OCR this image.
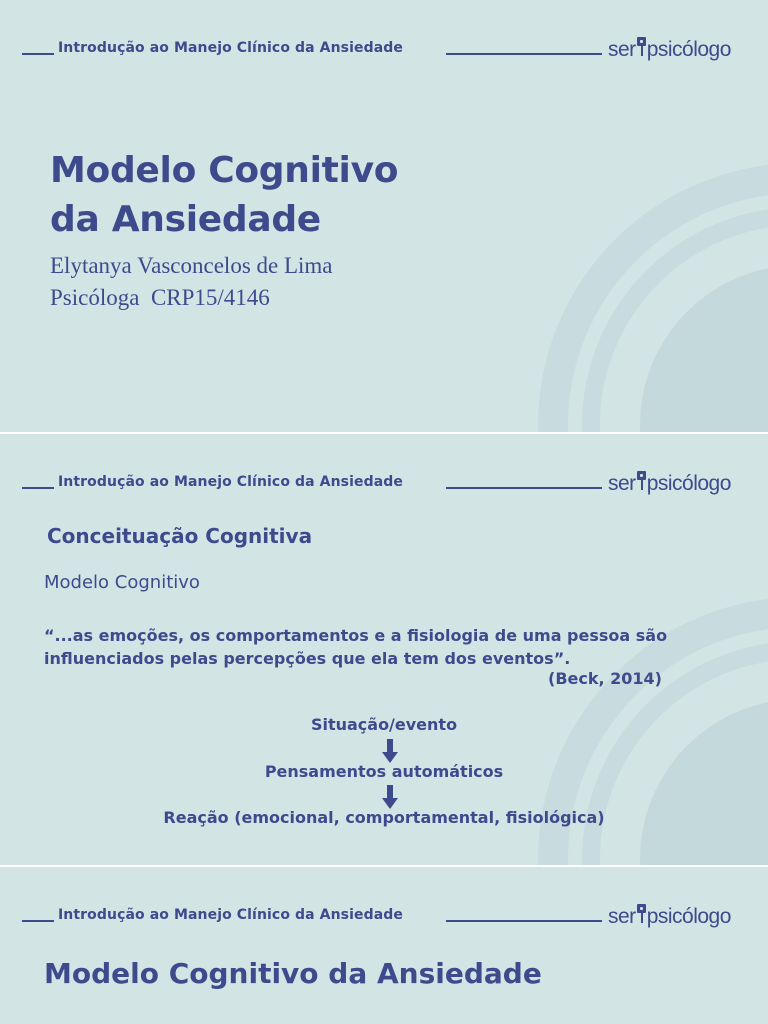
Introdução ao Manejo Clínico da Ansiedade	ser psicólogo
Modelo Cognitivo
da Ansiedade
Elytanya Vasconcelos de Lima
Psicóloga  CRP15/4146
Introdução ao Manejo Clínico da Ansiedade	ser psicólogo
Conceituação Cognitiva
Modelo Cognitivo
“...as emoções, os comportamentos e a fisiologia de uma pessoa são
influenciados pelas percepções que ela tem dos eventos”.
(Beck, 2014)
Situação/evento
Pensamentos automáticos
Reação (emocional, comportamental, fisiológica)
Introdução ao Manejo Clínico da Ansiedade	ser psicólogo
Modelo Cognitivo da Ansiedade
